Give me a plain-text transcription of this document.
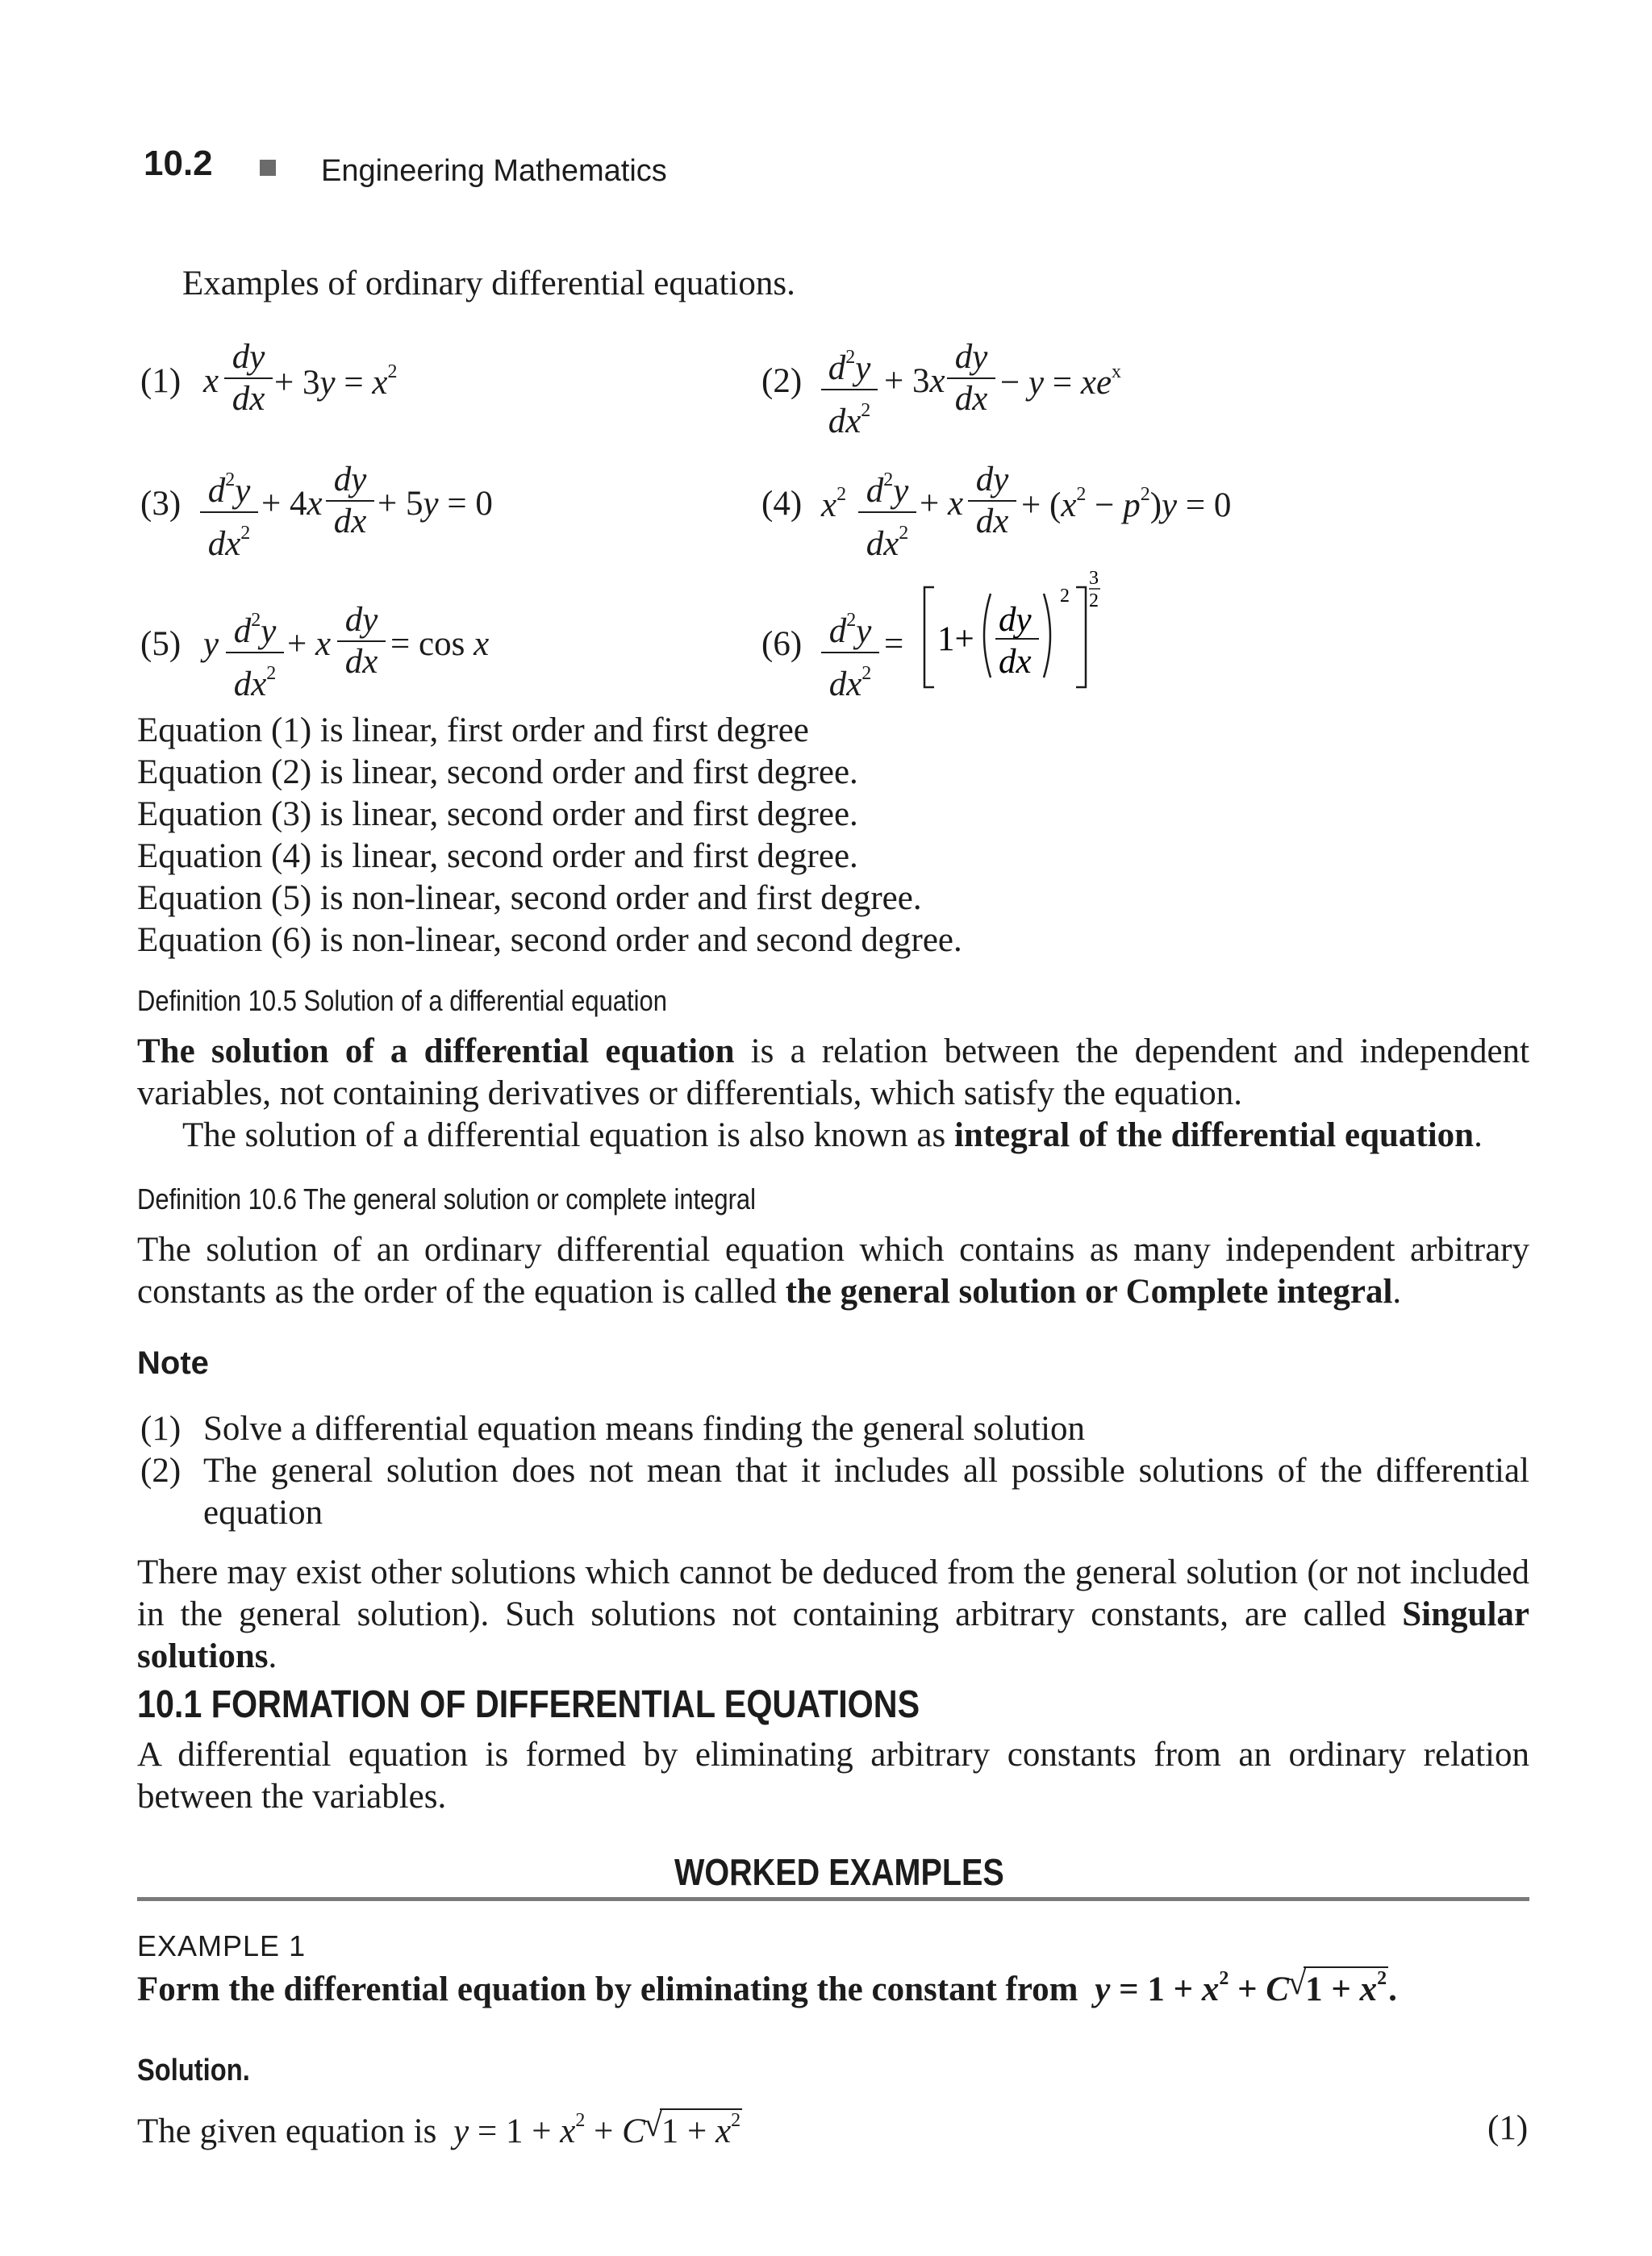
10.2	Engineering Mathematics
Examples of ordinary differential equations.
(1) x
dy
dx + $3y = x^2$	(2) $d^2y$
$dx^2$
+ 3x
dy
dx − $y = xe^x$
(3) $d^2y$
$dx^2$
+ 4x
dy
dx + 5y = 0	(4) $x^2$ $d^2y$
$dx^2$
+ x
dy
dx + $(x^2 - p^2)y = 0$
(5) y $d^2y$
$dx^2$
+ x
dy
dx = cos x	(6) $d^2y$
$dx^2$
= 1+
dy
dx
2
3
2
Equation (1) is linear, first order and first degree
Equation (2) is linear, second order and first degree.
Equation (3) is linear, second order and first degree.
Equation (4) is linear, second order and first degree.
Equation (5) is non-linear, second order and first degree.
Equation (6) is non-linear, second order and second degree.
Definition 10.5 Solution of a differential equation
The solution of a differential equation is a relation between the dependent and independent variables, not containing derivatives or differentials, which satisfy the equation.
The solution of a differential equation is also known as integral of the differential equation.
Definition 10.6 The general solution or complete integral
The solution of an ordinary differential equation which contains as many independent arbitrary constants as the order of the equation is called the general solution or Complete integral.
Note
(1) Solve a differential equation means finding the general solution
(2) The general solution does not mean that it includes all possible solutions of the differential equation
There may exist other solutions which cannot be deduced from the general solution (or not included in the general solution). Such solutions not containing arbitrary constants, are called Singular solutions.
10.1 FORMATION OF DIFFERENTIAL EQUATIONS
A differential equation is formed by eliminating arbitrary constants from an ordinary relation between the variables.
WORKED EXAMPLES
EXAMPLE 1
Form the differential equation by eliminating the constant from $y = 1 + x^2 + C$
√
$1 + x^2$.
Solution.
The given equation is $y = 1 + x^2 + C$
√
$1 + x^2$	(1)
